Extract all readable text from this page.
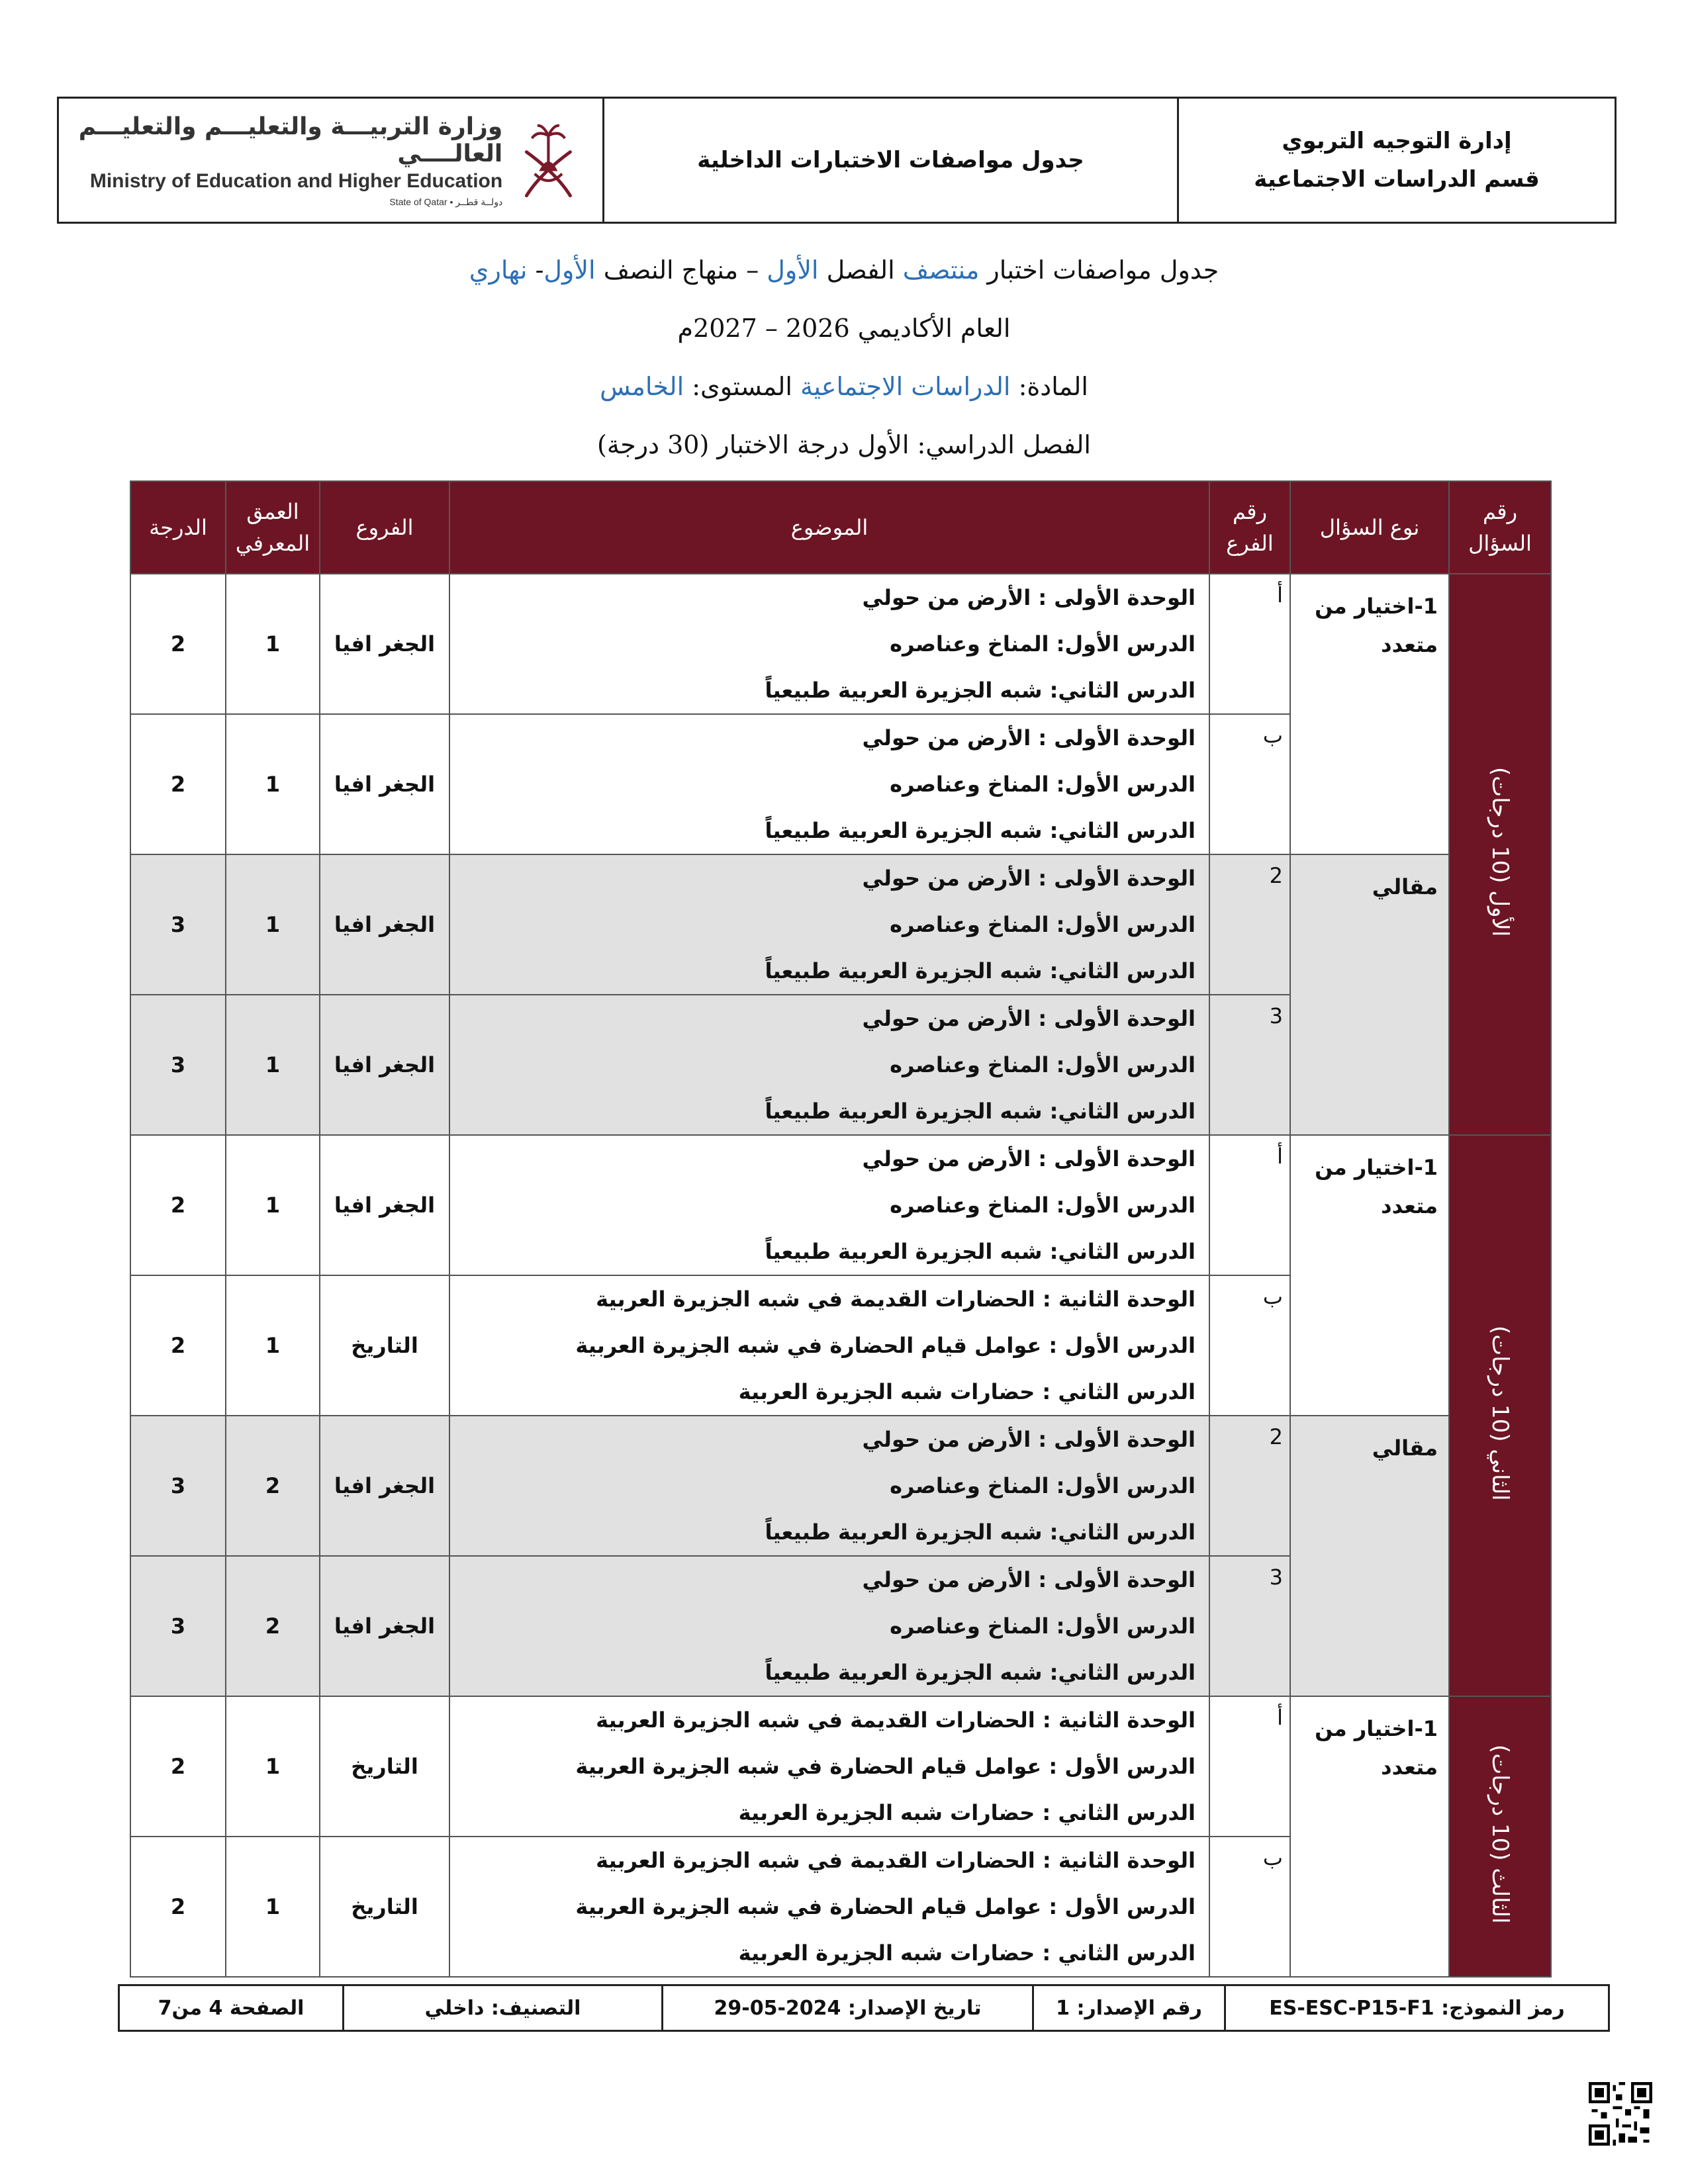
وزارة التربيـــة والتعليـــم والتعليـــم العالــــي
Ministry of Education and Higher Education
State of Qatar • دولــة قطــر
جدول مواصفات الاختبارات الداخلية
إدارة التوجيه التربوي
قسم الدراسات الاجتماعية
جدول مواصفات اختبار منتصف الفصل الأول – منهاج النصف الأول- نهاري
العام الأكاديمي 2026 – 2027م
المادة: الدراسات الاجتماعية المستوى: الخامس
الفصل الدراسي: الأول درجة الاختبار (30 درجة)
رقم السؤال	نوع السؤال	رقم الفرع	الموضوع	الفروع	العمق المعرفي	الدرجة
الأول (10 درجات)	1-اختيار من متعدد	أ	الوحدة الأولى : الأرض من حولي
الدرس الأول: المناخ وعناصره
الدرس الثاني: شبه الجزيرة العربية طبيعياً	الجغر افيا	1	2
		ب	الوحدة الأولى : الأرض من حولي
الدرس الأول: المناخ وعناصره
الدرس الثاني: شبه الجزيرة العربية طبيعياً	الجغر افيا	1	2
	مقالي	2	الوحدة الأولى : الأرض من حولي
الدرس الأول: المناخ وعناصره
الدرس الثاني: شبه الجزيرة العربية طبيعياً	الجغر افيا	1	3
		3	الوحدة الأولى : الأرض من حولي
الدرس الأول: المناخ وعناصره
الدرس الثاني: شبه الجزيرة العربية طبيعياً	الجغر افيا	1	3
الثاني (10 درجات)	1-اختيار من متعدد	أ	الوحدة الأولى : الأرض من حولي
الدرس الأول: المناخ وعناصره
الدرس الثاني: شبه الجزيرة العربية طبيعياً	الجغر افيا	1	2
		ب	الوحدة الثانية : الحضارات القديمة في شبه الجزيرة العربية
الدرس الأول : عوامل قيام الحضارة في شبه الجزيرة العربية
الدرس الثاني : حضارات شبه الجزيرة العربية	التاريخ	1	2
	مقالي	2	الوحدة الأولى : الأرض من حولي
الدرس الأول: المناخ وعناصره
الدرس الثاني: شبه الجزيرة العربية طبيعياً	الجغر افيا	2	3
		3	الوحدة الأولى : الأرض من حولي
الدرس الأول: المناخ وعناصره
الدرس الثاني: شبه الجزيرة العربية طبيعياً	الجغر افيا	2	3
الثالث (10 درجات)	1-اختيار من متعدد	أ	الوحدة الثانية : الحضارات القديمة في شبه الجزيرة العربية
الدرس الأول : عوامل قيام الحضارة في شبه الجزيرة العربية
الدرس الثاني : حضارات شبه الجزيرة العربية	التاريخ	1	2
		ب	الوحدة الثانية : الحضارات القديمة في شبه الجزيرة العربية
الدرس الأول : عوامل قيام الحضارة في شبه الجزيرة العربية
الدرس الثاني : حضارات شبه الجزيرة العربية	التاريخ	1	2
رمز النموذج: ES-ESC-P15-F1
رقم الإصدار: 1
تاريخ الإصدار: 2024-05-29
التصنيف: داخلي
الصفحة 4 من7
